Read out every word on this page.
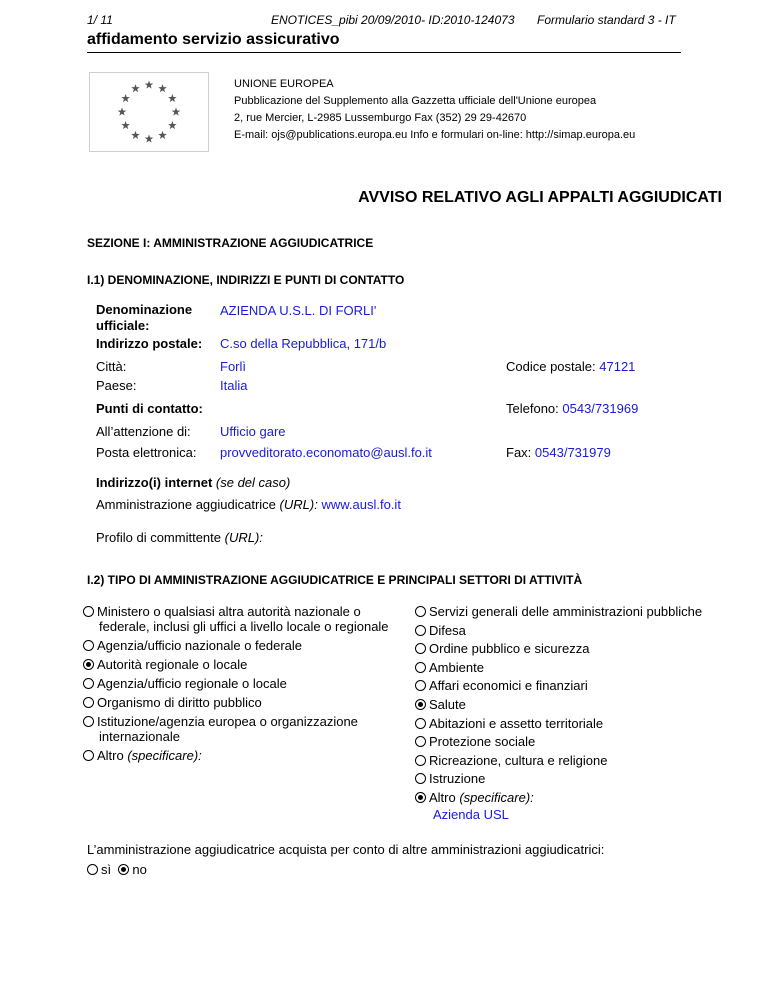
1/ 11	ENOTICES_pibi 20/09/2010- ID:2010-124073 Formulario standard 3 - IT
affidamento servizio assicurativo
UNIONE EUROPEA
Pubblicazione del Supplemento alla Gazzetta ufficiale dell'Unione europea
2, rue Mercier, L-2985 Lussemburgo Fax (352) 29 29-42670
E-mail: ojs@publications.europa.eu Info e formulari on-line: http://simap.europa.eu
AVVISO RELATIVO AGLI APPALTI AGGIUDICATI
SEZIONE I: AMMINISTRAZIONE AGGIUDICATRICE
I.1) DENOMINAZIONE, INDIRIZZI E PUNTI DI CONTATTO
Denominazione
ufficiale:
AZIENDA U.S.L. DI FORLI'
Indirizzo postale: C.so della Repubblica, 171/b
Città:	Forlì	Codice postale: 47121
Paese:	Italia
Punti di contatto:	Telefono: 0543/731969
All’attenzione di: Ufficio gare
Posta elettronica: provveditorato.economato@ausl.fo.it	Fax: 0543/731979
Indirizzo(i) internet (se del caso)
Amministrazione aggiudicatrice (URL): www.ausl.fo.it
Profilo di committente (URL):
I.2) TIPO DI AMMINISTRAZIONE AGGIUDICATRICE E PRINCIPALI SETTORI DI ATTIVITÀ
Ministero o qualsiasi altra autorità nazionale o federale, inclusi gli uffici a livello locale o regionale
Agenzia/ufficio nazionale o federale
Autorità regionale o locale
Agenzia/ufficio regionale o locale
Organismo di diritto pubblico
Istituzione/agenzia europea o organizzazione internazionale
Altro (specificare):
Servizi generali delle amministrazioni pubbliche
Difesa
Ordine pubblico e sicurezza
Ambiente
Affari economici e finanziari
Salute
Abitazioni e assetto territoriale
Protezione sociale
Ricreazione, cultura e religione
Istruzione
Altro (specificare):
Azienda USL
L’amministrazione aggiudicatrice acquista per conto di altre amministrazioni aggiudicatrici:
sì no
